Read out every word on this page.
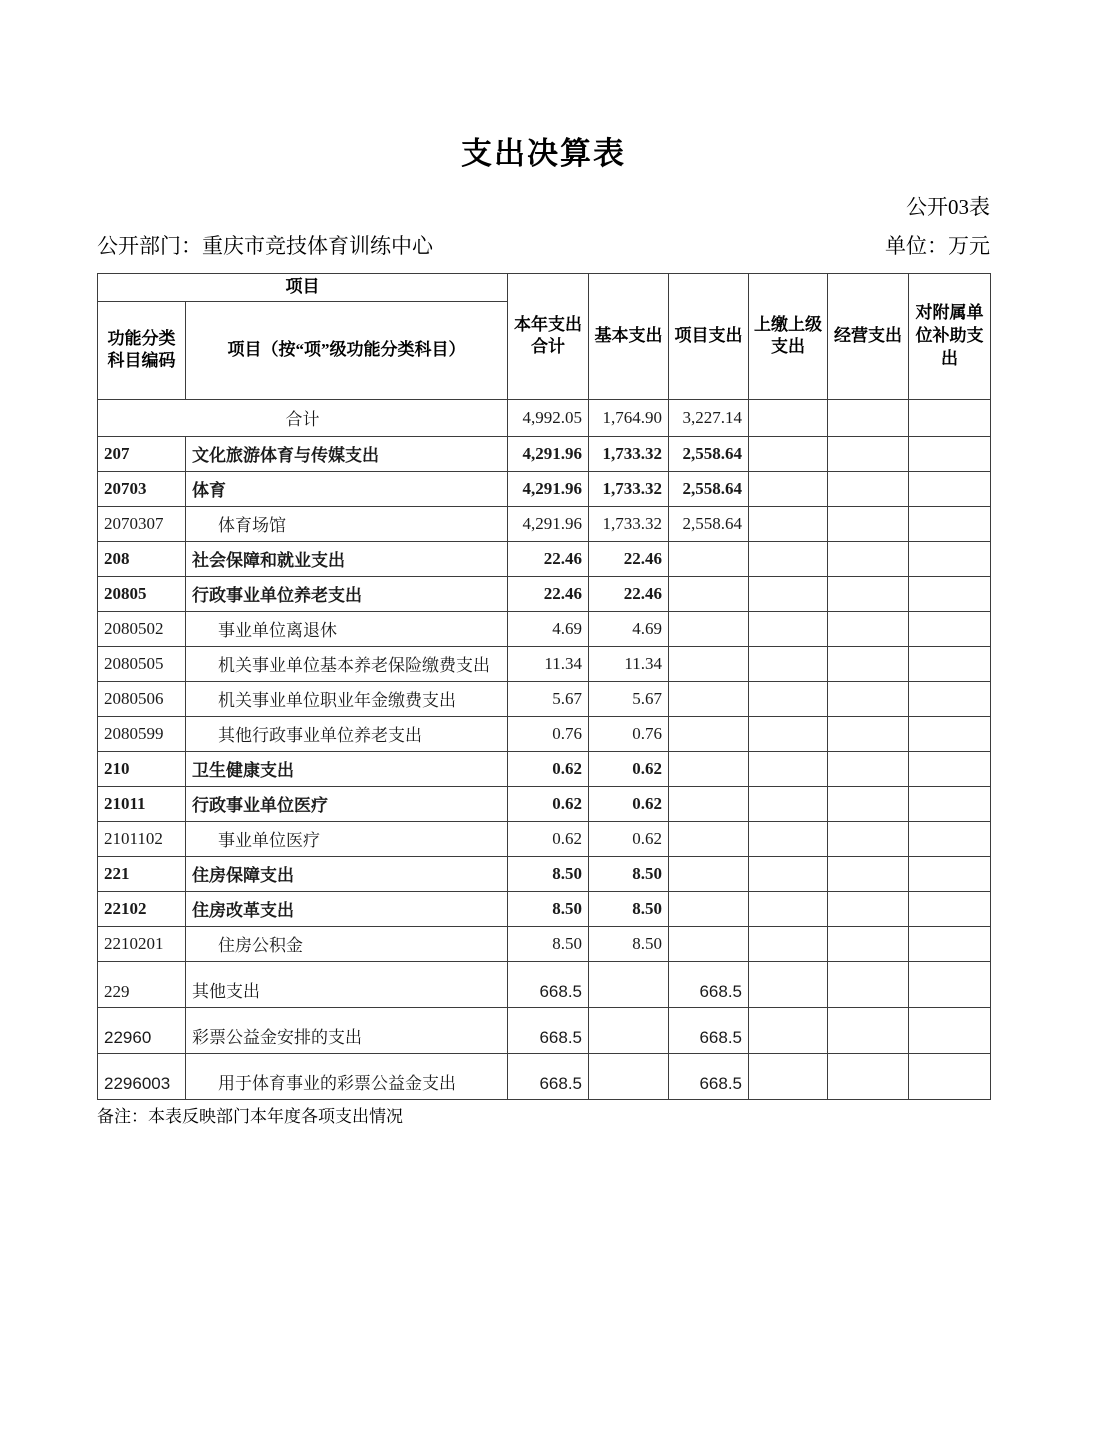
支出决算表
公开03表
公开部门：重庆市竞技体育训练中心	单位：万元
项目		本年支出合计	基本支出	项目支出	上缴上级支出	经营支出	对附属单位补助支出
功能分类科目编码	项目（按“项”级功能分类科目）						
合计		4,992.05	1,764.90	3,227.14			
207	文化旅游体育与传媒支出	4,291.96	1,733.32	2,558.64			
20703	体育	4,291.96	1,733.32	2,558.64			
2070307	体育场馆	4,291.96	1,733.32	2,558.64			
208	社会保障和就业支出	22.46	22.46				
20805	行政事业单位养老支出	22.46	22.46				
2080502	事业单位离退休	4.69	4.69				
2080505	机关事业单位基本养老保险缴费支出	11.34	11.34				
2080506	机关事业单位职业年金缴费支出	5.67	5.67				
2080599	其他行政事业单位养老支出	0.76	0.76				
210	卫生健康支出	0.62	0.62				
21011	行政事业单位医疗	0.62	0.62				
2101102	事业单位医疗	0.62	0.62				
221	住房保障支出	8.50	8.50				
22102	住房改革支出	8.50	8.50				
2210201	住房公积金	8.50	8.50				
229	其他支出	668.5		668.5			
22960	彩票公益金安排的支出	668.5		668.5			
2296003	用于体育事业的彩票公益金支出	668.5		668.5			
备注：本表反映部门本年度各项支出情况
